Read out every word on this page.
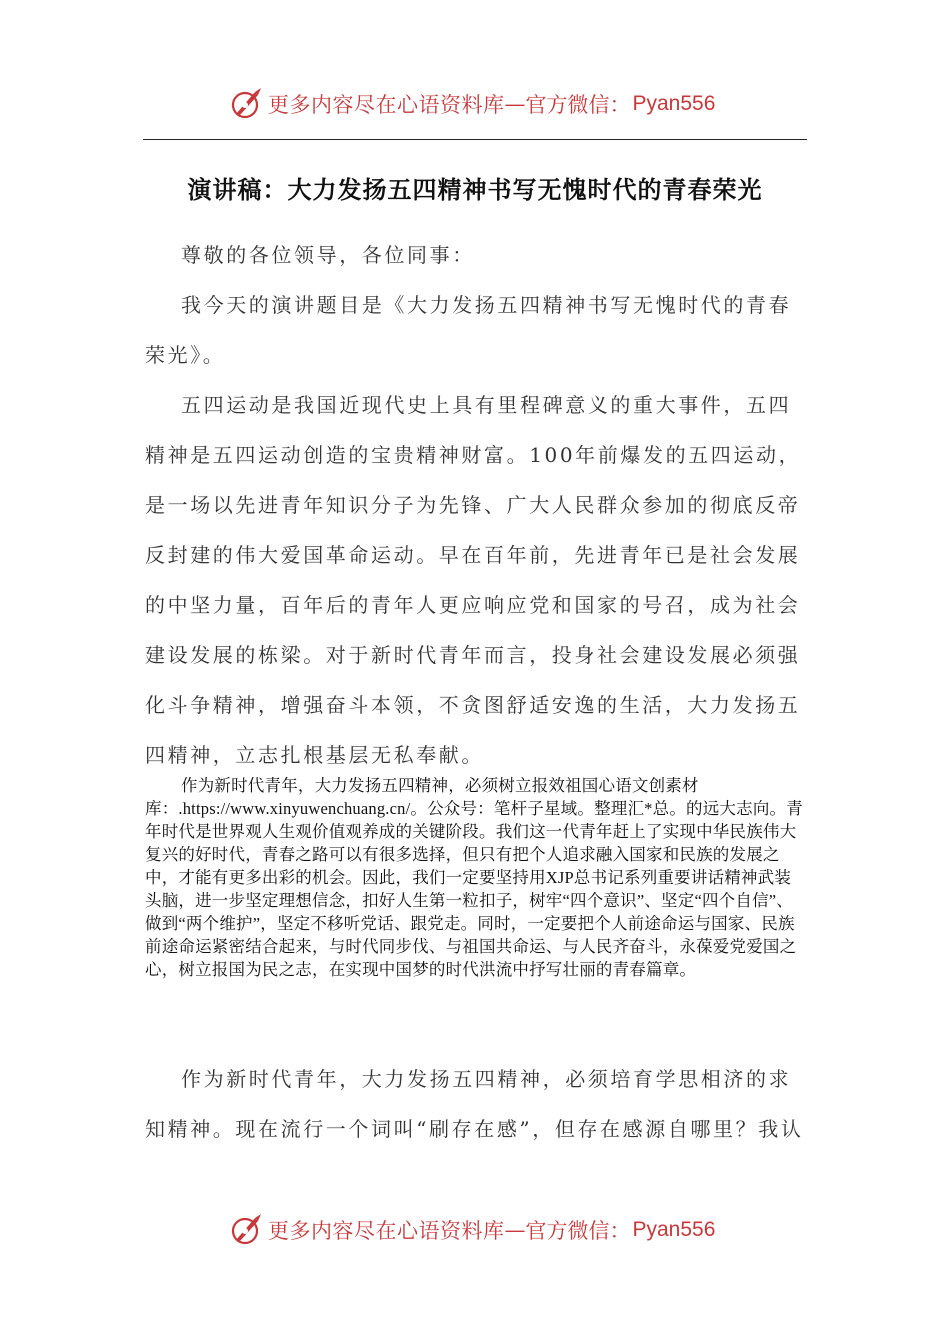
更多内容尽在心语资料库 — 官方微信： Pyan556
演讲稿：大力发扬五四精神书写无愧时代的青春荣光

尊敬的各位领导，各位同事：

我今天的演讲题目是《大力发扬五四精神书写无愧时代的青春荣光》。

五四运动是我国近现代史上具有里程碑意义的重大事件，五四精神是五四运动创造的宝贵精神财富。100年前爆发的五四运动，是一场以先进青年知识分子为先锋、广大人民群众参加的彻底反帝反封建的伟大爱国革命运动。早在百年前，先进青年已是社会发展的中坚力量，百年后的青年人更应响应党和国家的号召，成为社会建设发展的栋梁。对于新时代青年而言，投身社会建设发展必须强化斗争精神，增强奋斗本领，不贪图舒适安逸的生活，大力发扬五四精神，立志扎根基层无私奉献。

作为新时代青年，大力发扬五四精神，必须树立报效祖国心语文创素材库：.https://www.xinyuwenchuang.cn/。公众号：笔杆子星域。整理汇*总。的远大志向。青年时代是世界观人生观价值观养成的关键阶段。我们这一代青年赶上了实现中华民族伟大复兴的好时代，青春之路可以有很多选择，但只有把个人追求融入国家和民族的发展之中，才能有更多出彩的机会。因此，我们一定要坚持用XJP总书记系列重要讲话精神武装头脑，进一步坚定理想信念，扣好人生第一粒扣子，树牢“四个意识”、坚定“四个自信”、做到“两个维护”，坚定不移听党话、跟党走。同时，一定要把个人前途命运与国家、民族前途命运紧密结合起来，与时代同步伐、与祖国共命运、与人民齐奋斗，永葆爱党爱国之心，树立报国为民之志，在实现中国梦的时代洪流中抒写壮丽的青春篇章。

作为新时代青年，大力发扬五四精神，必须培育学思相济的求知精神。现在流行一个词叫“刷存在感”，但存在感源自哪里？我认

更多内容尽在心语资料库 — 官方微信： Pyan556
